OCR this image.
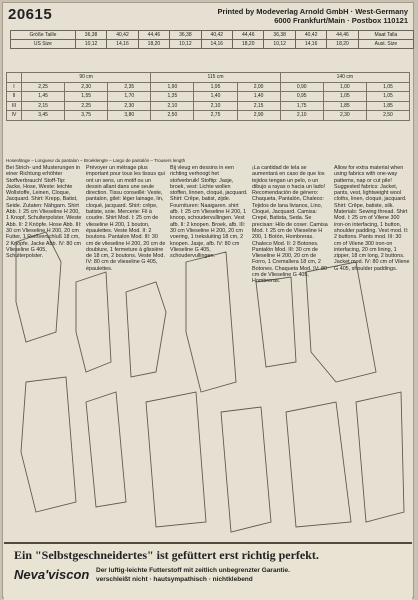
20615	Printed by Modeverlag Arnold GmbH · West-Germany
6000 Frankfurt/Main · Postbox 110121
Größe Taille	36,38	40,42	44,46	36,38	40,42	44,46	36,38	40,42	44,46	Maat Talla
US Size	10,12	14,16	18,20	10,12	14,16	18,20	10,12	14,16	18,20	Aust. Size
	90 cm			115 cm			140 cm		
I	2,25	2,30	2,35	1,90	1,95	2,00	0,90	1,00	1,05
II	1,45	1,55	1,70	1,35	1,40	1,40	0,95	1,05	1,05
III	2,15	2,25	2,30	2,10	2,10	2,15	1,75	1,85	1,85
IV	3,45	3,75	3,80	2,50	2,75	2,90	2,10	2,30	2,50
Hosenlänge – Longueur du pantalon – Broeklengte – Largo de pantalón – Trousers length
Bei Strich- und Musterungen in einer Richtung erhöhter Stoffverbrauch! Stoff-Tip: Jacke, Hose, Weste: leichte Wollstoffe, Leinen, Cloque, Jacquard. Shirt: Krepp, Batist, Seide. Zutaten: Nähgarn. Shirt Abb. I: 25 cm Vlieseline H 200, 1 Knopf, Schulterpolster. Weste Abb. II: 2 Knöpfe. Hose Abb. III: 30 cm Vlieseline H 200, 20 cm Futter, 1 Reißverschluß 18 cm, 2 Knöpfe. Jacke Abb. IV: 80 cm Vlieseline G 405, Schulterpolster.
Prévoyer un métrage plus important pour tous les tissus qui ont un sens, un motif ou un dessin allant dans une seule direction. Tissu conseillé: Veste, pantalon, gilet: léger lainage, lin, cloqué, jacquard. Shirt: crêpe, batiste, soie. Mercerie: Fil à coudre. Shirt Mod. I: 25 cm de vlieseline H 200, 1 bouton, épaulettes. Veste Mod. II: 2 boutons. Pantalon Mod. III: 30 cm de vlieseline H 200, 20 cm de doublure, 1 fermeture à glissière de 18 cm, 2 boutons. Veste Mod. IV: 80 cm de vlieseline G 405, épaulettes.
Bij vleug en dessins in een richting verhoogt het stofverbruik! Stoftip: Jasje, broek, vest: Lichte wollen stoffen, linnen, cloqué, jacquard. Shirt: Crêpe, batist, zijde. Fournituren: Naaigaren. shirt afb. I: 25 cm Vlieseline H 200, 1 knoop, schoudervullingen. Vest afb. II: 2 knopen. Broek, afb. III: 30 cm Vlieseline H 200, 20 cm voering, 1 treksluiting 18 cm, 2 knopen. Jasje, afb. IV: 80 cm Vlieseline G 405, schoudervullingen.
¡La cantidad de tela se aumentará en caso de que los tejidos tengan un pelo, o un dibujo a rayas o hacia un lado! Recomendación de género: Chaqueta, Pantalón, Chaleco: Tejidos de lana livianos, Lino, Cloqué, Jacquard. Camisa: Crepé, Batista, Seda. Se precisan: Hilo de coser. Camisa Mod. I: 25 cm de Vlieseline H 200, 1 Botón, Hombreras. Chaleco Mod. II: 2 Botones. Pantalón Mod. III: 30 cm de Vlieseline H 200, 20 cm de Forro, 1 Cremallera 18 cm, 2 Botones. Chaqueta Mod. IV: 80 cm de Vlieseline G 405, Hombreras.
Allow for extra material when using fabrics with one-way patterns, nap or cut pile! Suggested fabrics: Jacket, pants, vest, lightweight wool cloths, linen, cloqué, jacquard. Shirt: Crêpe, batiste, silk. Materials: Sewing thread. Shirt Mod. I: 25 cm of Vilene 300 iron-on interfacing, 1 button, shoulder padding. Vest mod. II: 2 buttons. Pants mod. III: 30 cm of Vilene 300 iron-on interfacing, 20 cm lining, 1 zipper, 18 cm long, 2 buttons. Jacket mod. IV: 80 cm of Vilene G 405, shoulder paddings.
Ein "Selbstgeschneidertes" ist gefüttert erst richtig perfekt.
Neva'viscon Der luftig-leichte Futterstoff mit zeitlich unbegrenzter Garantie.
verschleißt nicht · hautsympathisch · nichtklebend
